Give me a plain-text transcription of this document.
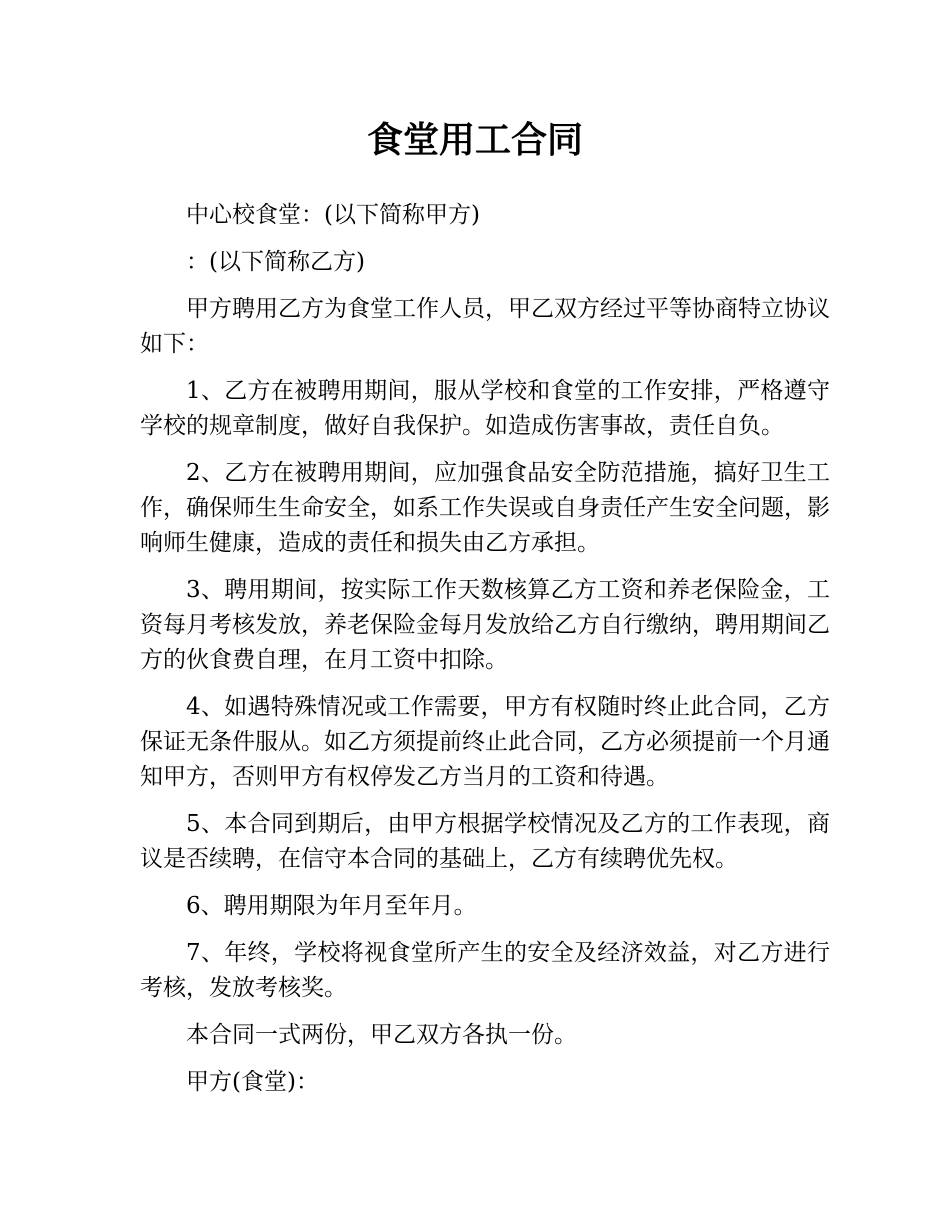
食堂用工合同

中心校食堂：(以下简称甲方)

：(以下简称乙方)

甲方聘用乙方为食堂工作人员，甲乙双方经过平等协商特立协议如下：

1、乙方在被聘用期间，服从学校和食堂的工作安排，严格遵守学校的规章制度，做好自我保护。如造成伤害事故，责任自负。

2、乙方在被聘用期间，应加强食品安全防范措施，搞好卫生工作，确保师生生命安全，如系工作失误或自身责任产生安全问题，影响师生健康，造成的责任和损失由乙方承担。

3、聘用期间，按实际工作天数核算乙方工资和养老保险金，工资每月考核发放，养老保险金每月发放给乙方自行缴纳，聘用期间乙方的伙食费自理，在月工资中扣除。

4、如遇特殊情况或工作需要，甲方有权随时终止此合同，乙方保证无条件服从。如乙方须提前终止此合同，乙方必须提前一个月通知甲方，否则甲方有权停发乙方当月的工资和待遇。

5、本合同到期后，由甲方根据学校情况及乙方的工作表现，商议是否续聘，在信守本合同的基础上，乙方有续聘优先权。

6、聘用期限为年月至年月。

7、年终，学校将视食堂所产生的安全及经济效益，对乙方进行考核，发放考核奖。

本合同一式两份，甲乙双方各执一份。

甲方(食堂)：
